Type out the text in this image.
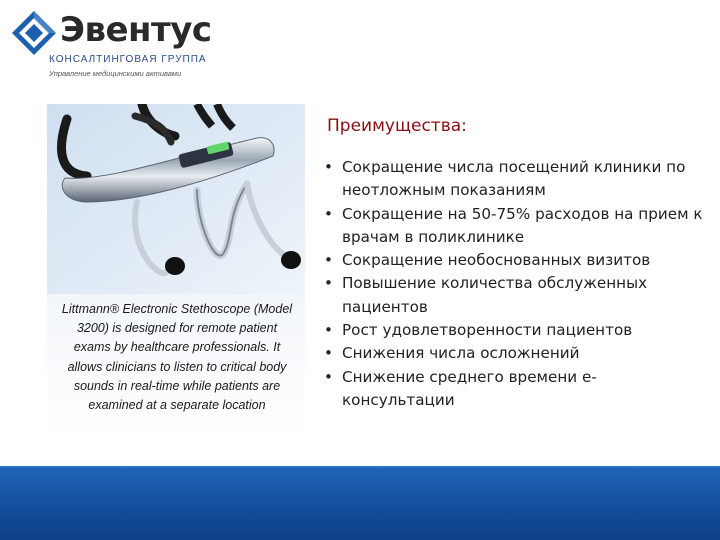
Эвентус
КОНСАЛТИНГОВАЯ ГРУППА
Управление медицинскими активами
Littmann® Electronic Stethoscope (Model 3200) is designed for remote patient exams by healthcare professionals. It allows clinicians to listen to critical body sounds in real-time while patients are examined at a separate location
Преимущества:
• Сокращение числа посещений клиники по неотложным показаниям
• Сокращение на 50-75% расходов на прием к врачам в поликлинике
• Сокращение необоснованных визитов
• Повышение количества обслуженных пациентов
• Рост удовлетворенности пациентов
• Снижения числа осложнений
• Снижение среднего времени е-консультации
